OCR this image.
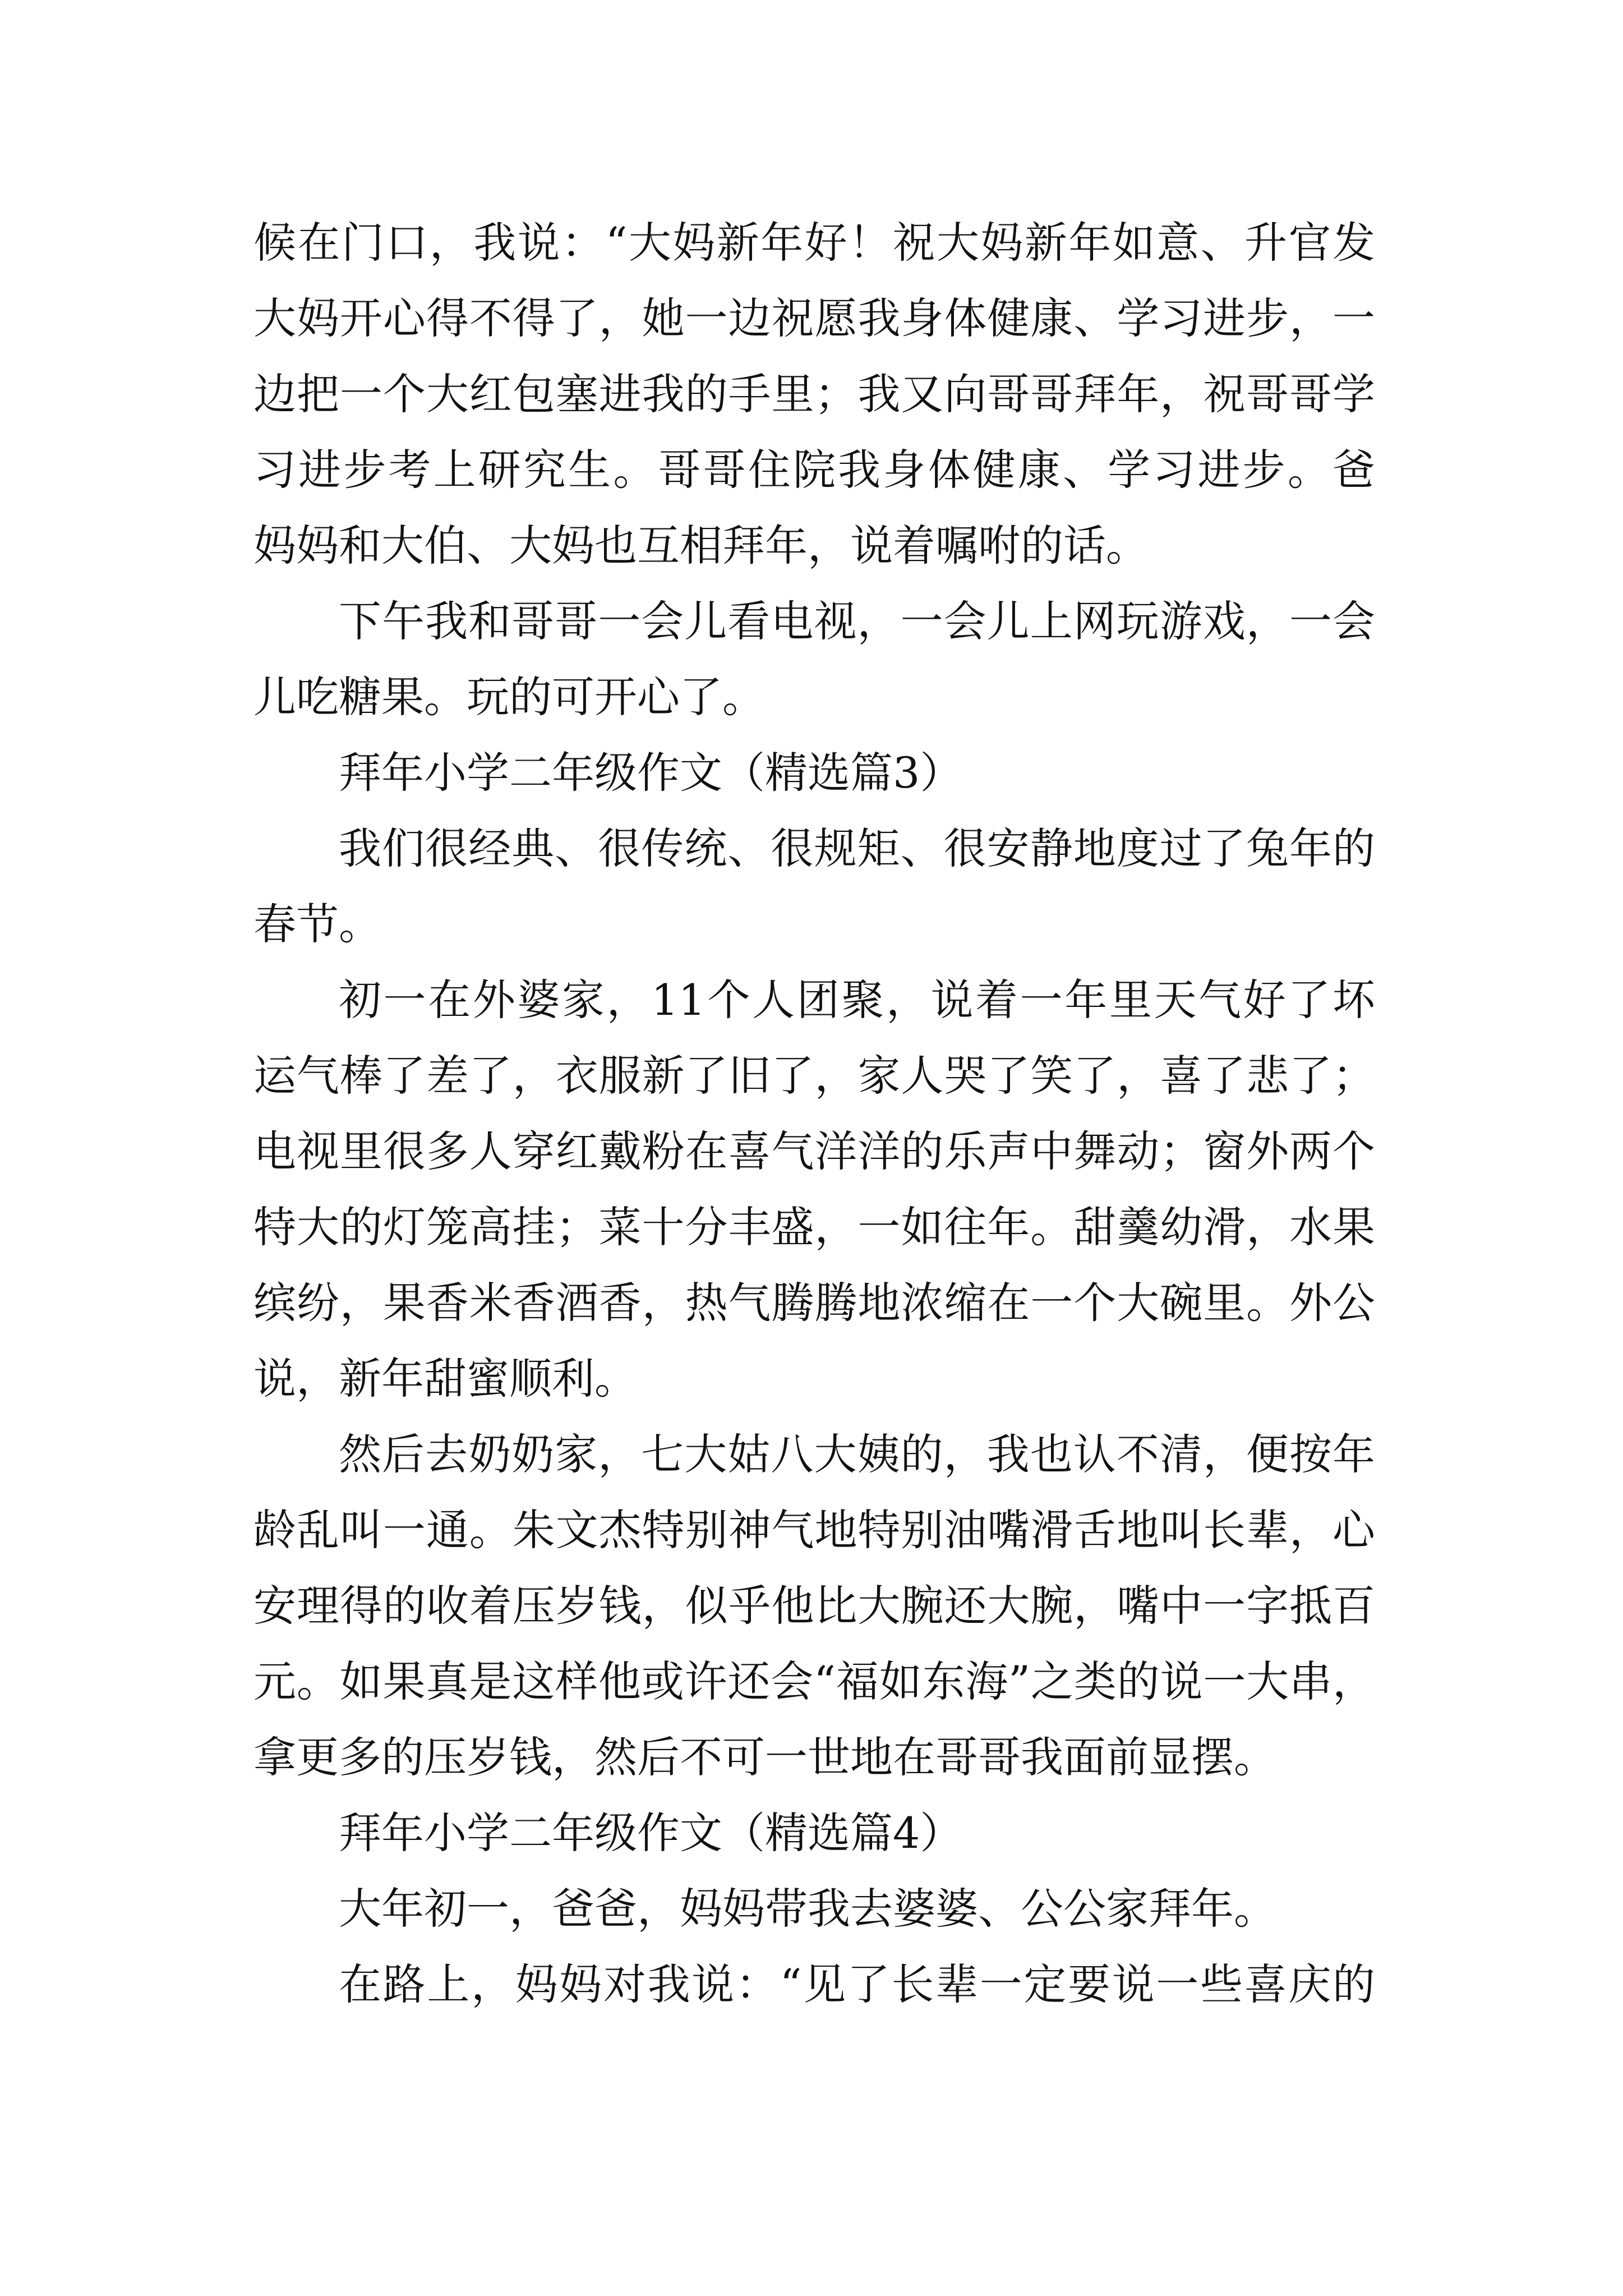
候在门口，我说：“大妈新年好！祝大妈新年如意、升官发
大妈开心得不得了，她一边祝愿我身体健康、学习进步，一
边把一个大红包塞进我的手里；我又向哥哥拜年，祝哥哥学
习进步考上研究生。哥哥住院我身体健康、学习进步。爸
妈妈和大伯、大妈也互相拜年，说着嘱咐的话。
下午我和哥哥一会儿看电视，一会儿上网玩游戏，一会
儿吃糖果。玩的可开心了。
拜年小学二年级作文（精选篇3）
我们很经典、很传统、很规矩、很安静地度过了兔年的
春节。
初一在外婆家，11个人团聚，说着一年里天气好了坏
运气棒了差了，衣服新了旧了，家人哭了笑了，喜了悲了；
电视里很多人穿红戴粉在喜气洋洋的乐声中舞动；窗外两个
特大的灯笼高挂；菜十分丰盛，一如往年。甜羹幼滑，水果
缤纷，果香米香酒香，热气腾腾地浓缩在一个大碗里。外公
说，新年甜蜜顺利。
然后去奶奶家，七大姑八大姨的，我也认不清，便按年
龄乱叫一通。朱文杰特别神气地特别油嘴滑舌地叫长辈，心
安理得的收着压岁钱，似乎他比大腕还大腕，嘴中一字抵百
元。如果真是这样他或许还会“福如东海”之类的说一大串，
拿更多的压岁钱，然后不可一世地在哥哥我面前显摆。
拜年小学二年级作文（精选篇4）
大年初一，爸爸，妈妈带我去婆婆、公公家拜年。
在路上，妈妈对我说：“见了长辈一定要说一些喜庆的
